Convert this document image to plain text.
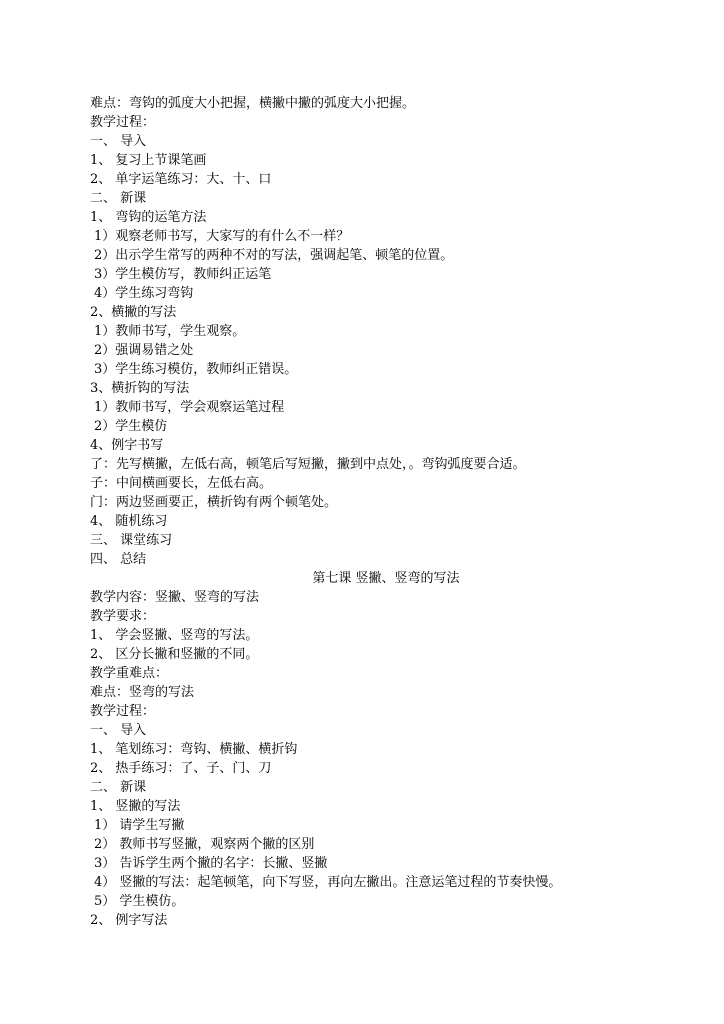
难点：弯钩的弧度大小把握，横撇中撇的弧度大小把握。
教学过程：
一、 导入
1、 复习上节课笔画
2、 单字运笔练习：大、十、口
二、 新课
1、 弯钩的运笔方法
1）观察老师书写，大家写的有什么不一样？
2）出示学生常写的两种不对的写法，强调起笔、顿笔的位置。
3）学生模仿写，教师纠正运笔
4）学生练习弯钩
2、横撇的写法
1）教师书写，学生观察。
2）强调易错之处
3）学生练习模仿，教师纠正错误。
3、横折钩的写法
1）教师书写，学会观察运笔过程
2）学生模仿
4、例字书写
了：先写横撇，左低右高，顿笔后写短撇，撇到中点处，。弯钩弧度要合适。
子：中间横画要长，左低右高。
门：两边竖画要正，横折钩有两个顿笔处。
4、 随机练习
三、 课堂练习
四、 总结
第七课 竖撇、竖弯的写法
教学内容：竖撇、竖弯的写法
教学要求：
1、 学会竖撇、竖弯的写法。
2、 区分长撇和竖撇的不同。
教学重难点：
难点：竖弯的写法
教学过程：
一、 导入
1、 笔划练习：弯钩、横撇、横折钩
2、 热手练习：了、子、门、刀
二、 新课
1、 竖撇的写法
1） 请学生写撇
2） 教师书写竖撇，观察两个撇的区别
3） 告诉学生两个撇的名字：长撇、竖撇
4） 竖撇的写法：起笔顿笔，向下写竖，再向左撇出。注意运笔过程的节奏快慢。
5） 学生模仿。
2、 例字写法
